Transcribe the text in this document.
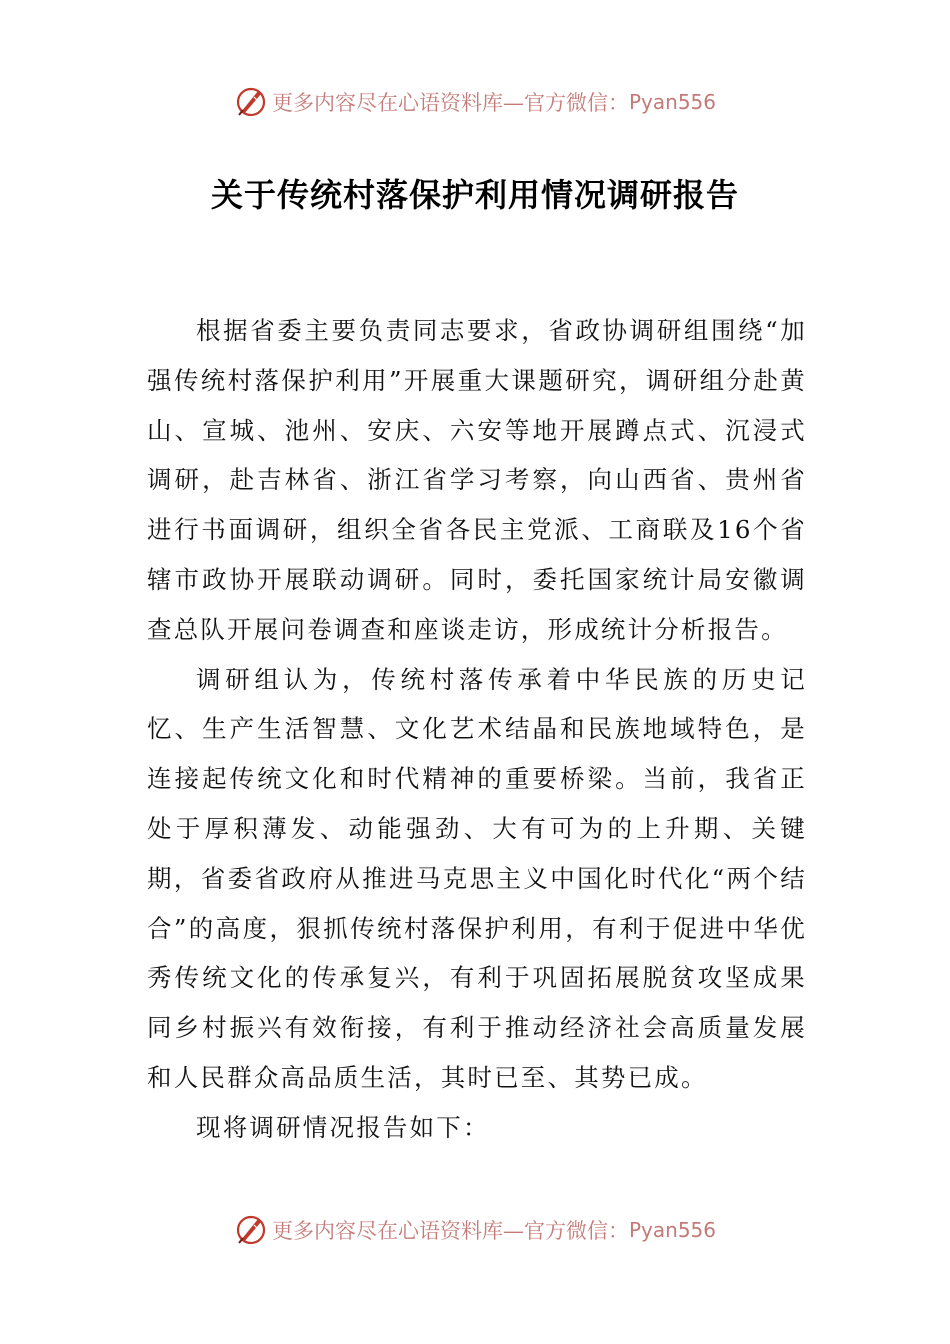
更多内容尽在心语资料库—官方微信： Pyan556
关于传统村落保护利用情况调研报告

根据省委主要负责同志要求，省政协调研组围绕“加强传统村落保护利用”开展重大课题研究，调研组分赴黄山、宣城、池州、安庆、六安等地开展蹲点式、沉浸式调研，赴吉林省、浙江省学习考察，向山西省、贵州省进行书面调研，组织全省各民主党派、工商联及16个省辖市政协开展联动调研。同时，委托国家统计局安徽调查总队开展问卷调查和座谈走访，形成统计分析报告。

调研组认为，传统村落传承着中华民族的历史记忆、生产生活智慧、文化艺术结晶和民族地域特色，是连接起传统文化和时代精神的重要桥梁。当前，我省正处于厚积薄发、动能强劲、大有可为的上升期、关键期，省委省政府从推进马克思主义中国化时代化“两个结合”的高度，狠抓传统村落保护利用，有利于促进中华优秀传统文化的传承复兴，有利于巩固拓展脱贫攻坚成果同乡村振兴有效衔接，有利于推动经济社会高质量发展和人民群众高品质生活，其时已至、其势已成。

现将调研情况报告如下：

更多内容尽在心语资料库—官方微信： Pyan556
